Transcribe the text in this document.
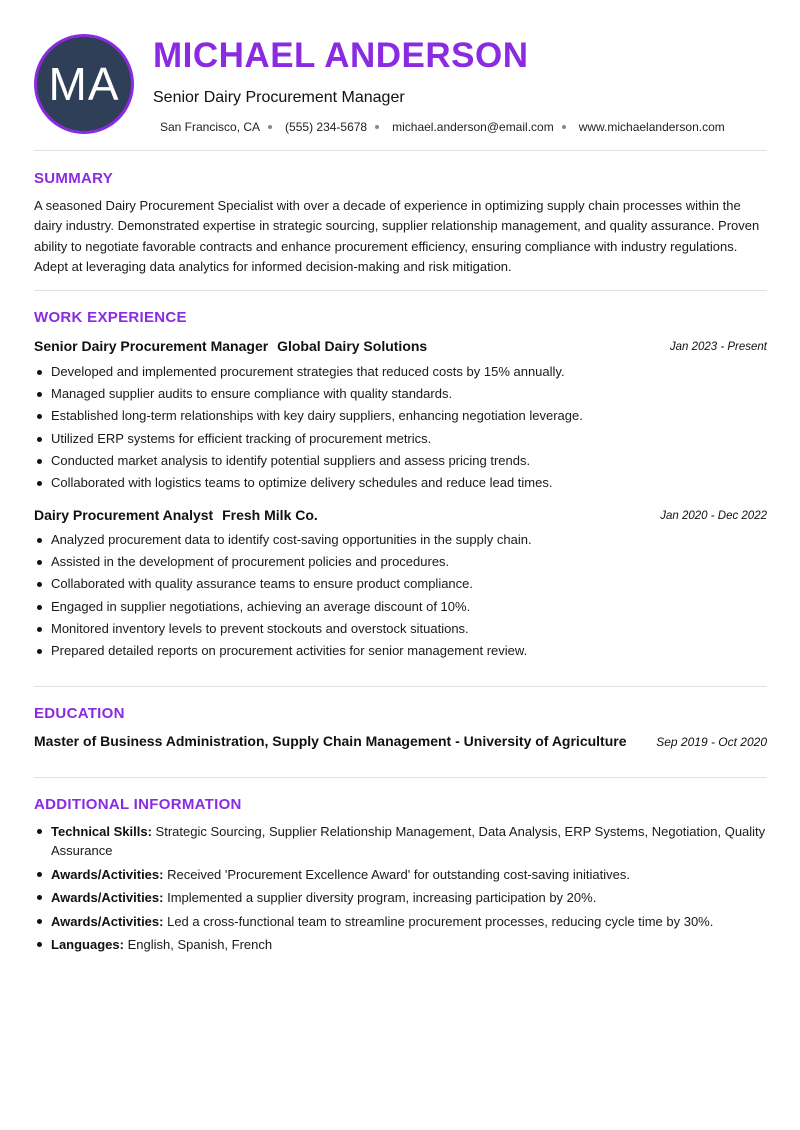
MA
MICHAEL ANDERSON
Senior Dairy Procurement Manager
San Francisco, CA (555) 234-5678 michael.anderson@email.com www.michaelanderson.com
SUMMARY
A seasoned Dairy Procurement Specialist with over a decade of experience in optimizing supply chain processes within the dairy industry. Demonstrated expertise in strategic sourcing, supplier relationship management, and quality assurance. Proven ability to negotiate favorable contracts and enhance procurement efficiency, ensuring compliance with industry regulations. Adept at leveraging data analytics for informed decision-making and risk mitigation.
WORK EXPERIENCE
Senior Dairy Procurement Manager Global Dairy Solutions	Jan 2023 - Present
Developed and implemented procurement strategies that reduced costs by 15% annually.
Managed supplier audits to ensure compliance with quality standards.
Established long-term relationships with key dairy suppliers, enhancing negotiation leverage.
Utilized ERP systems for efficient tracking of procurement metrics.
Conducted market analysis to identify potential suppliers and assess pricing trends.
Collaborated with logistics teams to optimize delivery schedules and reduce lead times.
Dairy Procurement Analyst Fresh Milk Co.	Jan 2020 - Dec 2022
Analyzed procurement data to identify cost-saving opportunities in the supply chain.
Assisted in the development of procurement policies and procedures.
Collaborated with quality assurance teams to ensure product compliance.
Engaged in supplier negotiations, achieving an average discount of 10%.
Monitored inventory levels to prevent stockouts and overstock situations.
Prepared detailed reports on procurement activities for senior management review.
EDUCATION
Master of Business Administration, Supply Chain Management - University of Agriculture Sep 2019 - Oct 2020
ADDITIONAL INFORMATION
Technical Skills: Strategic Sourcing, Supplier Relationship Management, Data Analysis, ERP Systems, Negotiation, Quality Assurance
Awards/Activities: Received 'Procurement Excellence Award' for outstanding cost-saving initiatives.
Awards/Activities: Implemented a supplier diversity program, increasing participation by 20%.
Awards/Activities: Led a cross-functional team to streamline procurement processes, reducing cycle time by 30%.
Languages: English, Spanish, French
